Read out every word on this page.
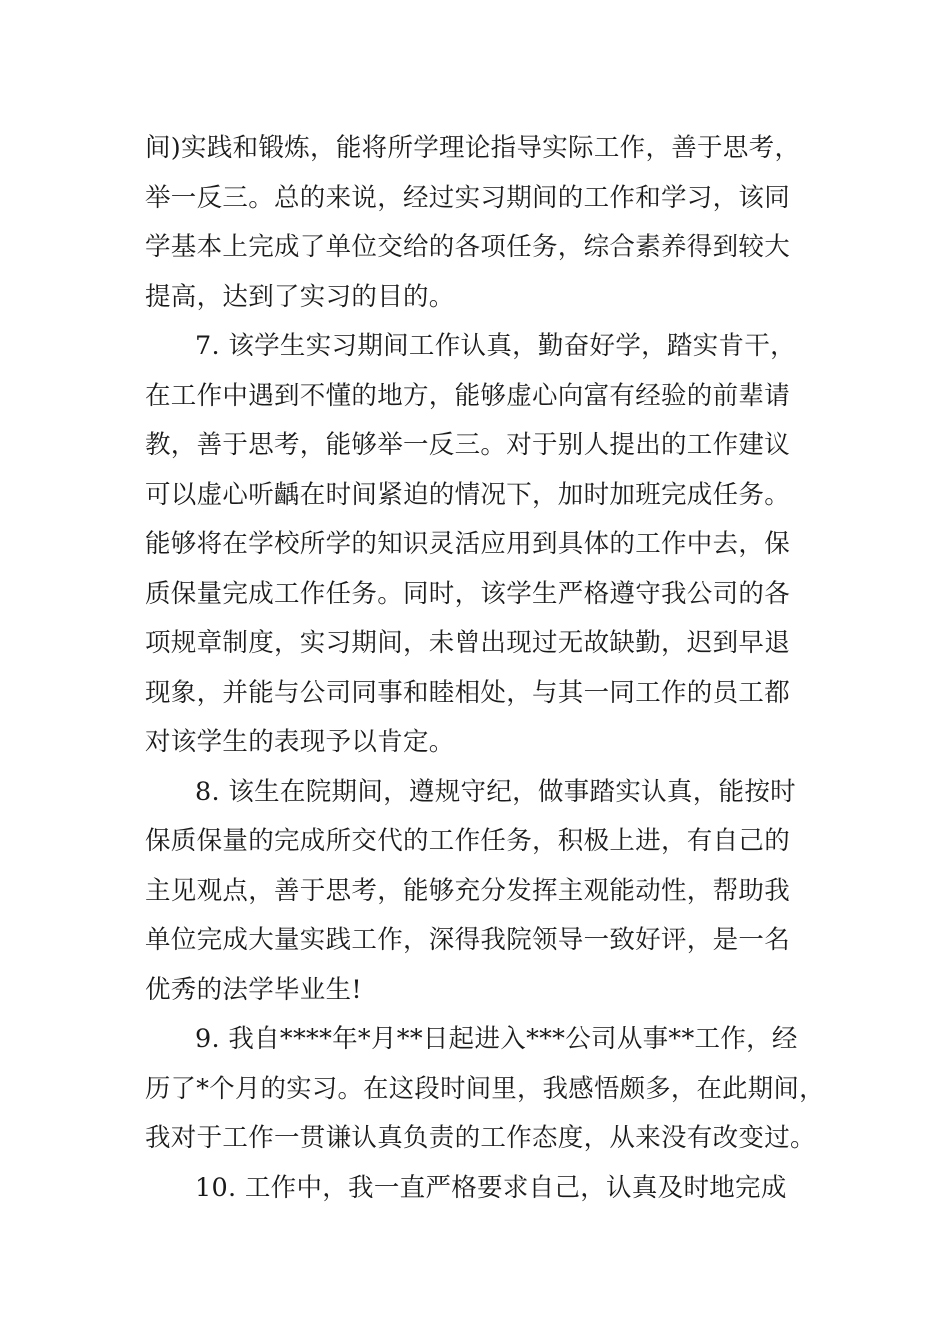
间)实践和锻炼，能将所学理论指导实际工作，善于思考，
举一反三。总的来说，经过实习期间的工作和学习，该同
学基本上完成了单位交给的各项任务，综合素养得到较大
提高，达到了实习的目的。
7. 该学生实习期间工作认真，勤奋好学，踏实肯干，
在工作中遇到不懂的地方，能够虚心向富有经验的前辈请
教，善于思考，能够举一反三。对于别人提出的工作建议
可以虚心听齲在时间紧迫的情况下，加时加班完成任务。
能够将在学校所学的知识灵活应用到具体的工作中去，保
质保量完成工作任务。同时，该学生严格遵守我公司的各
项规章制度，实习期间，未曾出现过无故缺勤，迟到早退
现象，并能与公司同事和睦相处，与其一同工作的员工都
对该学生的表现予以肯定。
8. 该生在院期间，遵规守纪，做事踏实认真，能按时
保质保量的完成所交代的工作任务，积极上进，有自己的
主见观点，善于思考，能够充分发挥主观能动性，帮助我
单位完成大量实践工作，深得我院领导一致好评，是一名
优秀的法学毕业生!
9. 我自****年*月**日起进入***公司从事**工作，经
历了*个月的实习。在这段时间里，我感悟颇多，在此期间，
我对于工作一贯谦认真负责的工作态度，从来没有改变过。
10. 工作中，我一直严格要求自己，认真及时地完成
